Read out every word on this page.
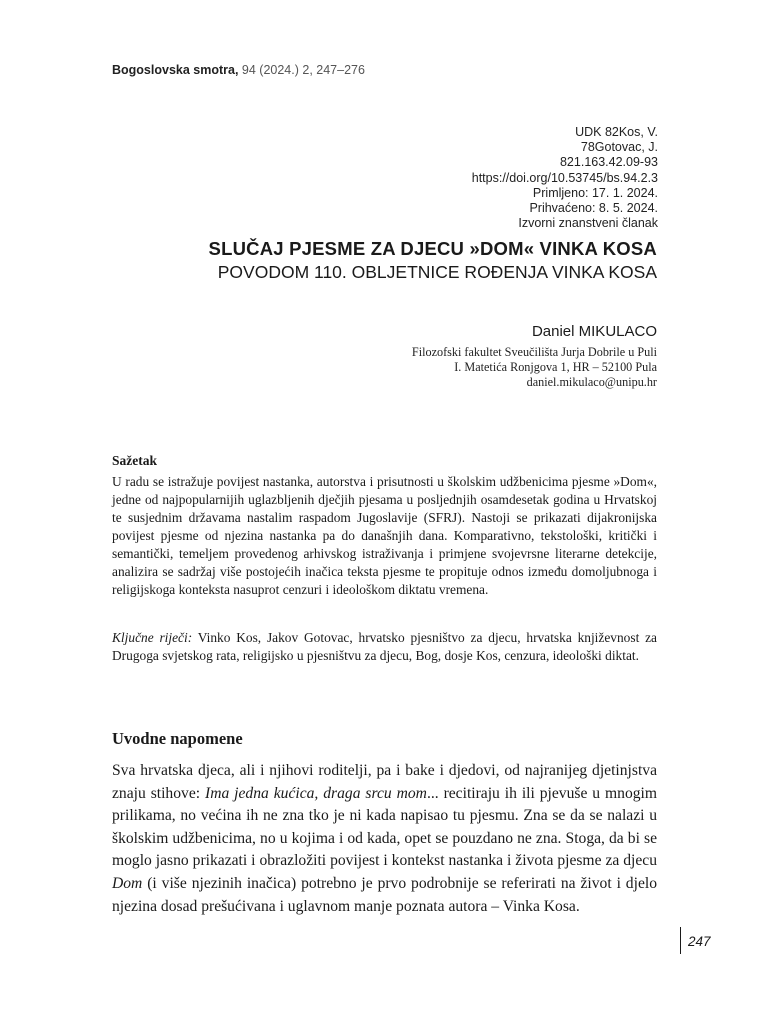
Bogoslovska smotra, 94 (2024.) 2, 247–276
UDK 82Kos, V.
78Gotovac, J.
821.163.42.09-93
https://doi.org/10.53745/bs.94.2.3
Primljeno: 17. 1. 2024.
Prihvaćeno: 8. 5. 2024.
Izvorni znanstveni članak
SLUČAJ PJESME ZA DJECU »DOM« VINKA KOSA
POVODOM 110. OBLJETNICE ROĐENJA VINKA KOSA
Daniel MIKULACO
Filozofski fakultet Sveučilišta Jurja Dobrile u Puli
I. Matetića Ronjgova 1, HR – 52100 Pula
daniel.mikulaco@unipu.hr
Sažetak

U radu se istražuje povijest nastanka, autorstva i prisutnosti u školskim udžbenicima pjesme »Dom«, jedne od najpopularnijih uglazbljenih dječjih pjesama u posljednjih osamdesetak godina u Hrvatskoj te susjednim državama nastalim raspadom Jugoslavije (SFRJ). Nastoji se prikazati dijakronijska povijest pjesme od njezina nastanka pa do današnjih dana. Komparativno, tekstološki, kritički i semantički, temeljem provedenog arhivskog istraživanja i primjene svojevrsne literarne detekcije, analizira se sadržaj više postojećih inačica teksta pjesme te propituje odnos između domoljubnoga i religijskoga konteksta nasuprot cenzuri i ideološkom diktatu vremena.

Ključne riječi: Vinko Kos, Jakov Gotovac, hrvatsko pjesništvo za djecu, hrvatska književnost za Drugoga svjetskog rata, religijsko u pjesništvu za djecu, Bog, dosje Kos, cenzura, ideološki diktat.

Uvodne napomene

Sva hrvatska djeca, ali i njihovi roditelji, pa i bake i djedovi, od najranijeg djetinjstva znaju stihove: Ima jedna kućica, draga srcu mom... recitiraju ih ili pjevuše u mnogim prilikama, no većina ih ne zna tko je ni kada napisao tu pjesmu. Zna se da se nalazi u školskim udžbenicima, no u kojima i od kada, opet se pouzdano ne zna. Stoga, da bi se moglo jasno prikazati i obrazložiti povijest i kontekst nastanka i života pjesme za djecu Dom (i više njezinih inačica) potrebno je prvo podrobnije se referirati na život i djelo njezina dosad prešućivana i uglavnom manje poznata autora – Vinka Kosa.

247
